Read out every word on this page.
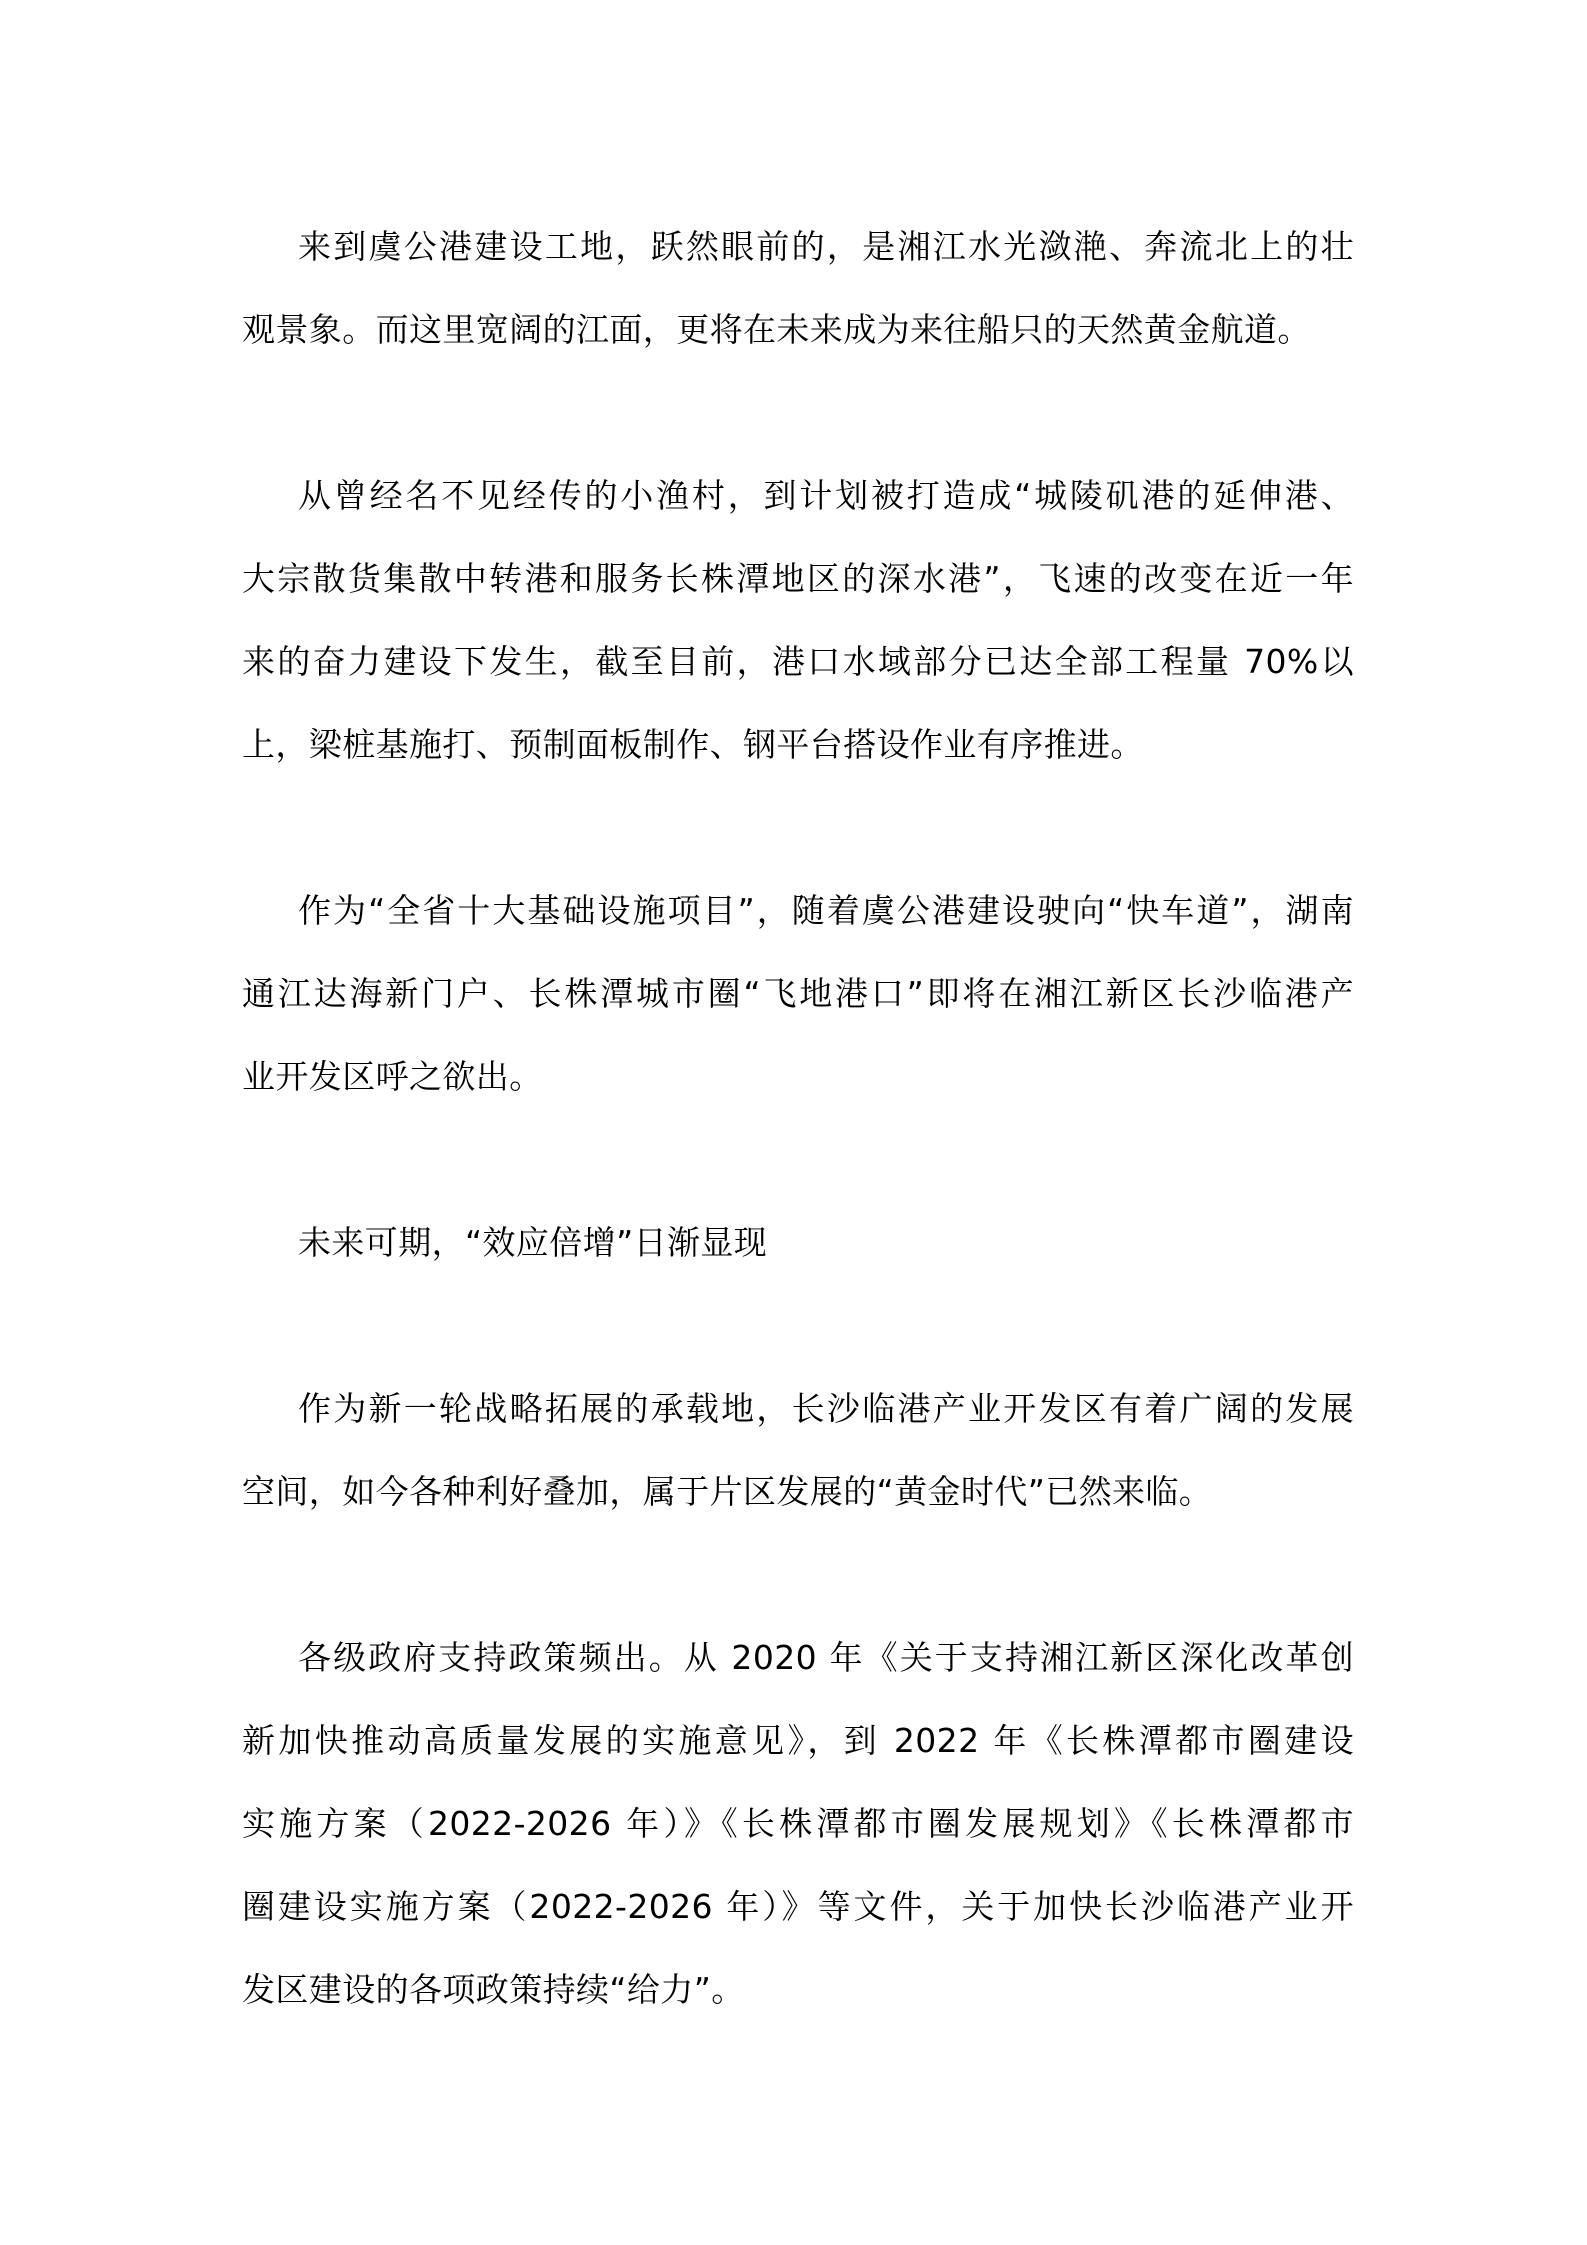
来到虞公港建设工地，跃然眼前的，是湘江水光潋滟、奔流北上的壮
观景象。而这里宽阔的江面，更将在未来成为来往船只的天然黄金航道。

从曾经名不见经传的小渔村，到计划被打造成“城陵矶港的延伸港、
大宗散货集散中转港和服务长株潭地区的深水港”，飞速的改变在近一年
来的奋力建设下发生，截至目前，港口水域部分已达全部工程量 70%以
上，梁桩基施打、预制面板制作、钢平台搭设作业有序推进。

作为“全省十大基础设施项目”，随着虞公港建设驶向“快车道”，湖南
通江达海新门户、长株潭城市圈“飞地港口”即将在湘江新区长沙临港产
业开发区呼之欲出。

未来可期，“效应倍增”日渐显现

作为新一轮战略拓展的承载地，长沙临港产业开发区有着广阔的发展
空间，如今各种利好叠加，属于片区发展的“黄金时代”已然来临。

各级政府支持政策频出。从 2020 年《关于支持湘江新区深化改革创
新加快推动高质量发展的实施意见》，到 2022 年《长株潭都市圈建设
实施方案（2022-2026 年）》《长株潭都市圈发展规划》《长株潭都市
圈建设实施方案（2022-2026 年）》等文件，关于加快长沙临港产业开
发区建设的各项政策持续“给力”。
